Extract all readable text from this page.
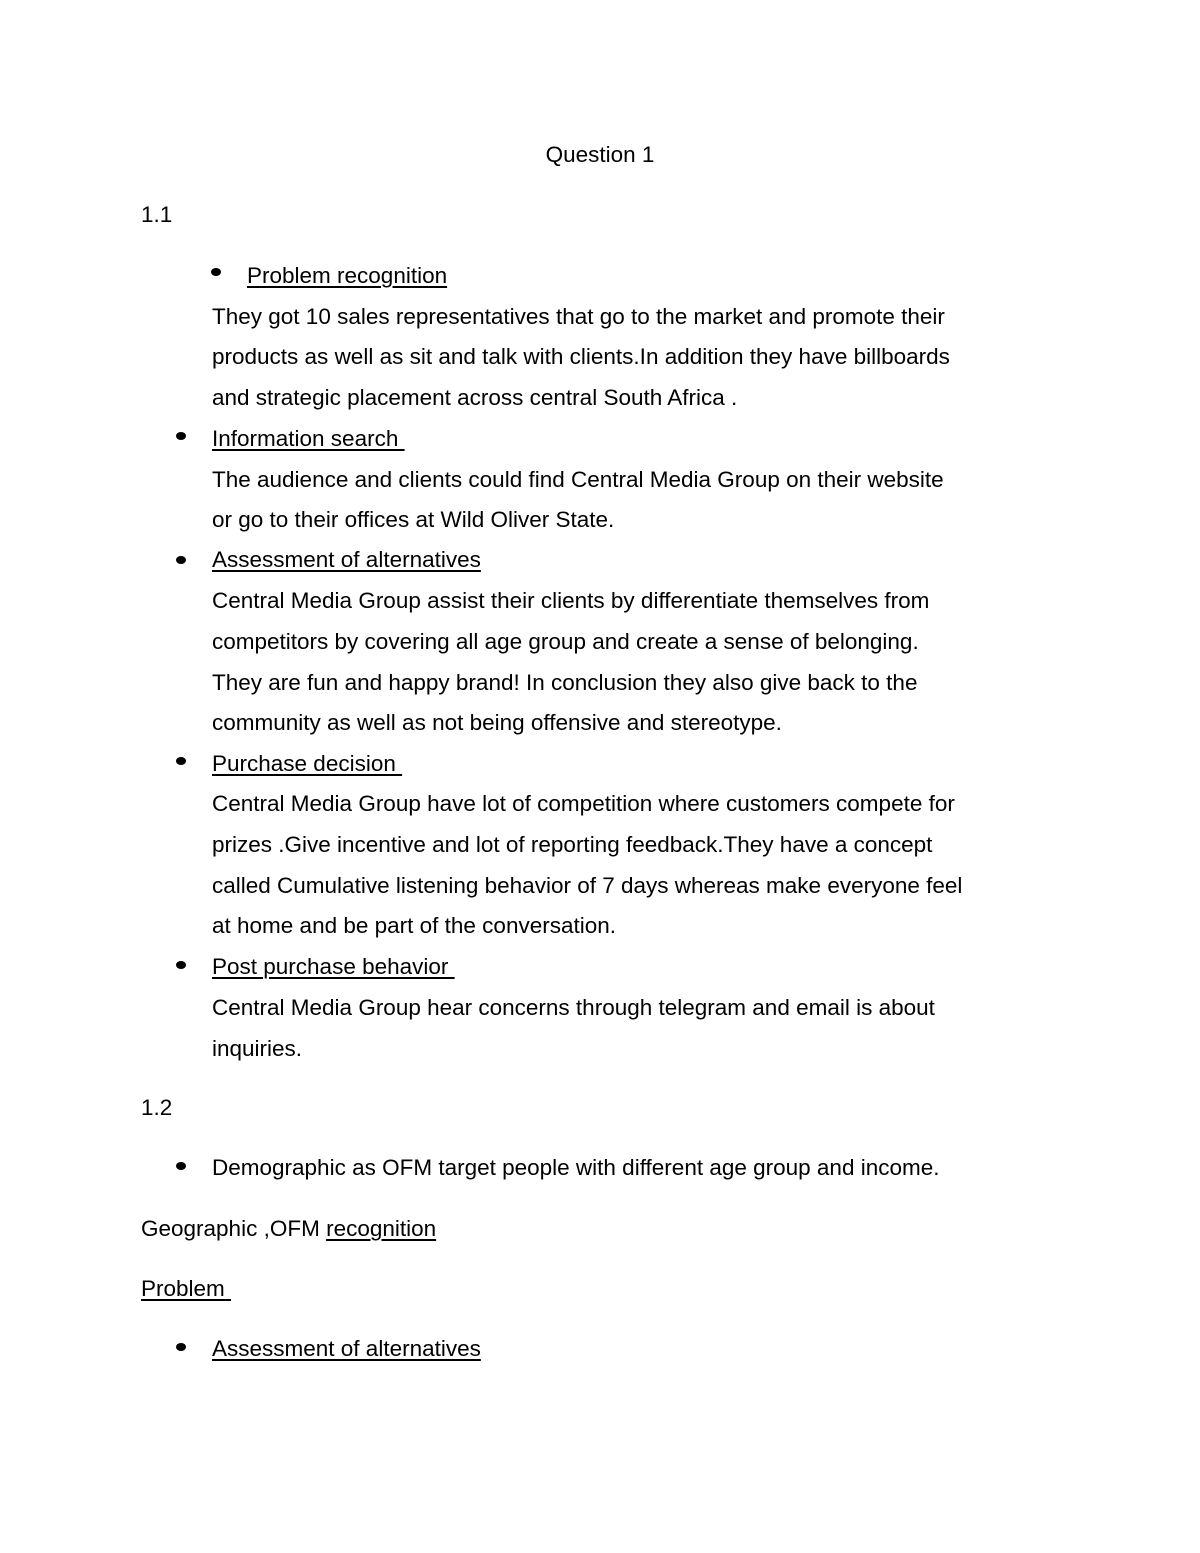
Question 1
1.1
Problem recognition
They got 10 sales representatives that go to the market and promote their
products as well as sit and talk with clients.In addition they have billboards
and strategic placement across central South Africa .
Information search
The audience and clients could find Central Media Group on their website
or go to their offices at Wild Oliver State.
Assessment of alternatives
Central Media Group assist their clients by differentiate themselves from
competitors by covering all age group and create a sense of belonging.
They are fun and happy brand! In conclusion they also give back to the
community as well as not being offensive and stereotype.
Purchase decision
Central Media Group have lot of competition where customers compete for
prizes .Give incentive and lot of reporting feedback.They have a concept
called Cumulative listening behavior of 7 days whereas make everyone feel
at home and be part of the conversation.
Post purchase behavior
Central Media Group hear concerns through telegram and email is about
inquiries.
1.2
Demographic as OFM target people with different age group and income.
Geographic ,OFM recognition
Problem
Assessment of alternatives
